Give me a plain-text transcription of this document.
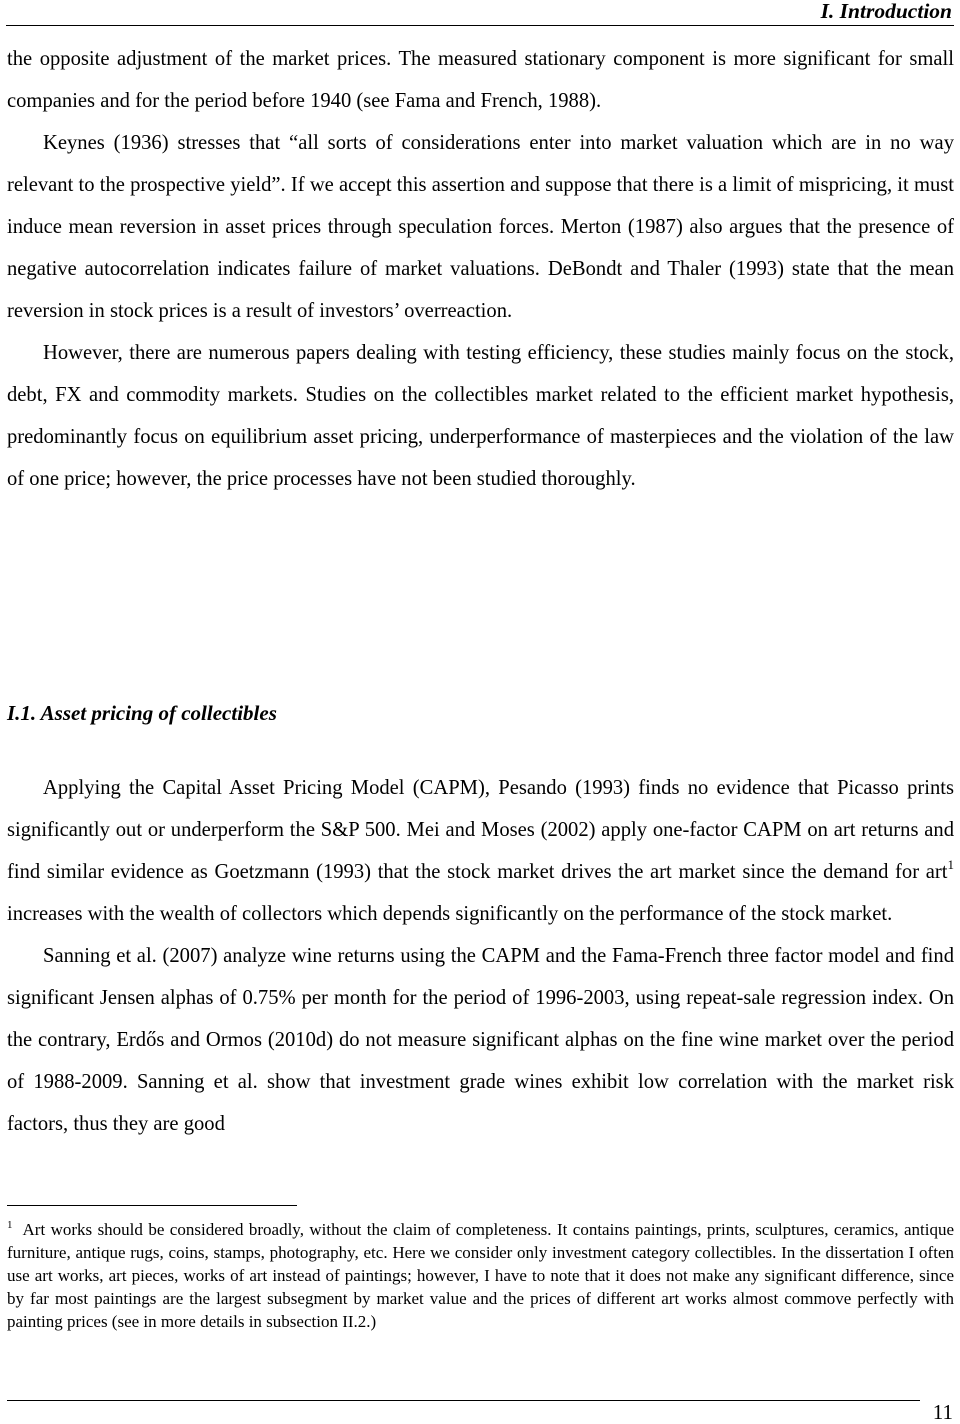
I. Introduction

the opposite adjustment of the market prices. The measured stationary component is more significant for small companies and for the period before 1940 (see Fama and French, 1988).

Keynes (1936) stresses that “all sorts of considerations enter into market valuation which are in no way relevant to the prospective yield”. If we accept this assertion and suppose that there is a limit of mispricing, it must induce mean reversion in asset prices through speculation forces. Merton (1987) also argues that the presence of negative autocorrelation indicates failure of market valuations. DeBondt and Thaler (1993) state that the mean reversion in stock prices is a result of investors’ overreaction.

However, there are numerous papers dealing with testing efficiency, these studies mainly focus on the stock, debt, FX and commodity markets. Studies on the collectibles market related to the efficient market hypothesis, predominantly focus on equilibrium asset pricing, underperformance of masterpieces and the violation of the law of one price; however, the price processes have not been studied thoroughly.

I.1. Asset pricing of collectibles

Applying the Capital Asset Pricing Model (CAPM), Pesando (1993) finds no evidence that Picasso prints significantly out or underperform the S&P 500. Mei and Moses (2002) apply one-factor CAPM on art returns and find similar evidence as Goetzmann (1993) that the stock market drives the art market since the demand for art$^1$ increases with the wealth of collectors which depends significantly on the performance of the stock market.

Sanning et al. (2007) analyze wine returns using the CAPM and the Fama-French three factor model and find significant Jensen alphas of 0.75% per month for the period of 1996-2003, using repeat-sale regression index. On the contrary, Erdős and Ormos (2010d) do not measure significant alphas on the fine wine market over the period of 1988-2009. Sanning et al. show that investment grade wines exhibit low correlation with the market risk factors, thus they are good

$^1$ Art works should be considered broadly, without the claim of completeness. It contains paintings, prints, sculptures, ceramics, antique furniture, antique rugs, coins, stamps, photography, etc. Here we consider only investment category collectibles. In the dissertation I often use art works, art pieces, works of art instead of paintings; however, I have to note that it does not make any significant difference, since by far most paintings are the largest subsegment by market value and the prices of different art works almost commove perfectly with painting prices (see in more details in subsection II.2.)

11
